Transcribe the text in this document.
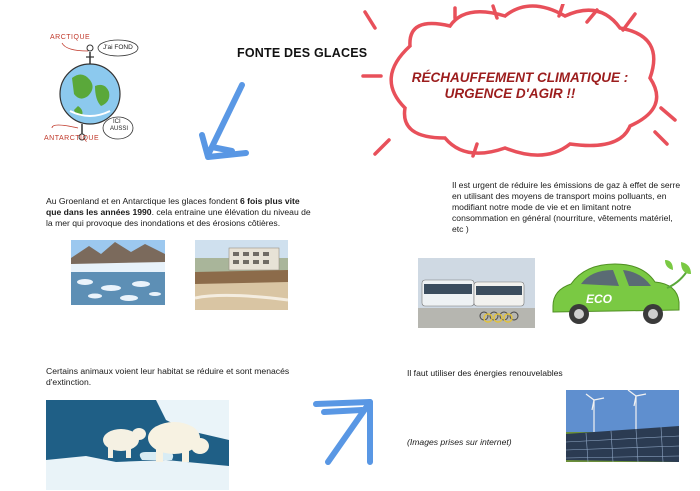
ARCTIQUE
ANTARCTIQUE
J'ai FOND
ICI
AUSSI
FONTE DES GLACES
RÉCHAUFFEMENT CLIMATIQUE :
URGENCE D'AGIR !!
Au Groenland et en Antarctique les glaces fondent 6 fois plus vite que dans les années 1990. cela entraine une élévation du niveau de la mer qui provoque des inondations et des érosions côtières.
Il est urgent de réduire les émissions de gaz à effet de serre en utilisant des moyens de transport moins polluants, en modifiant notre mode de vie et en limitant notre consommation en général (nourriture, vêtements matériel, etc )
ECO
Certains animaux voient leur habitat se réduire et sont menacés d'extinction.
Il faut utiliser des énergies renouvelables
(Images prises sur internet)
